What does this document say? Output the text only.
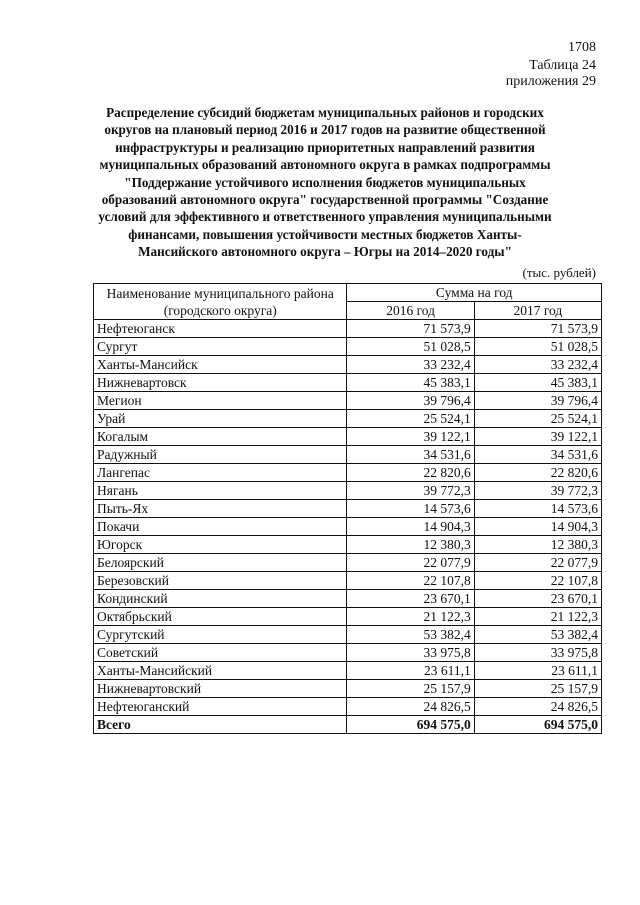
1708
Таблица 24
приложения 29
Распределение субсидий бюджетам муниципальных районов и городских
округов на плановый период 2016 и 2017 годов на развитие общественной
инфраструктуры и реализацию приоритетных направлений развития
муниципальных образований автономного округа в рамках подпрограммы
"Поддержание устойчивого исполнения бюджетов муниципальных
образований автономного округа" государственной программы "Создание
условий для эффективного и ответственного управления муниципальными
финансами, повышения устойчивости местных бюджетов Ханты-
Мансийского автономного округа – Югры на 2014–2020 годы"
(тыс. рублей)
Наименование муниципального района
(городского округа)	Сумма на год	
	2016 год	2017 год
Нефтеюганск	71 573,9	71 573,9
Сургут	51 028,5	51 028,5
Ханты-Мансийск	33 232,4	33 232,4
Нижневартовск	45 383,1	45 383,1
Мегион	39 796,4	39 796,4
Урай	25 524,1	25 524,1
Когалым	39 122,1	39 122,1
Радужный	34 531,6	34 531,6
Лангепас	22 820,6	22 820,6
Нягань	39 772,3	39 772,3
Пыть-Ях	14 573,6	14 573,6
Покачи	14 904,3	14 904,3
Югорск	12 380,3	12 380,3
Белоярский	22 077,9	22 077,9
Березовский	22 107,8	22 107,8
Кондинский	23 670,1	23 670,1
Октябрьский	21 122,3	21 122,3
Сургутский	53 382,4	53 382,4
Советский	33 975,8	33 975,8
Ханты-Мансийский	23 611,1	23 611,1
Нижневартовский	25 157,9	25 157,9
Нефтеюганский	24 826,5	24 826,5
Всего	694 575,0	694 575,0
